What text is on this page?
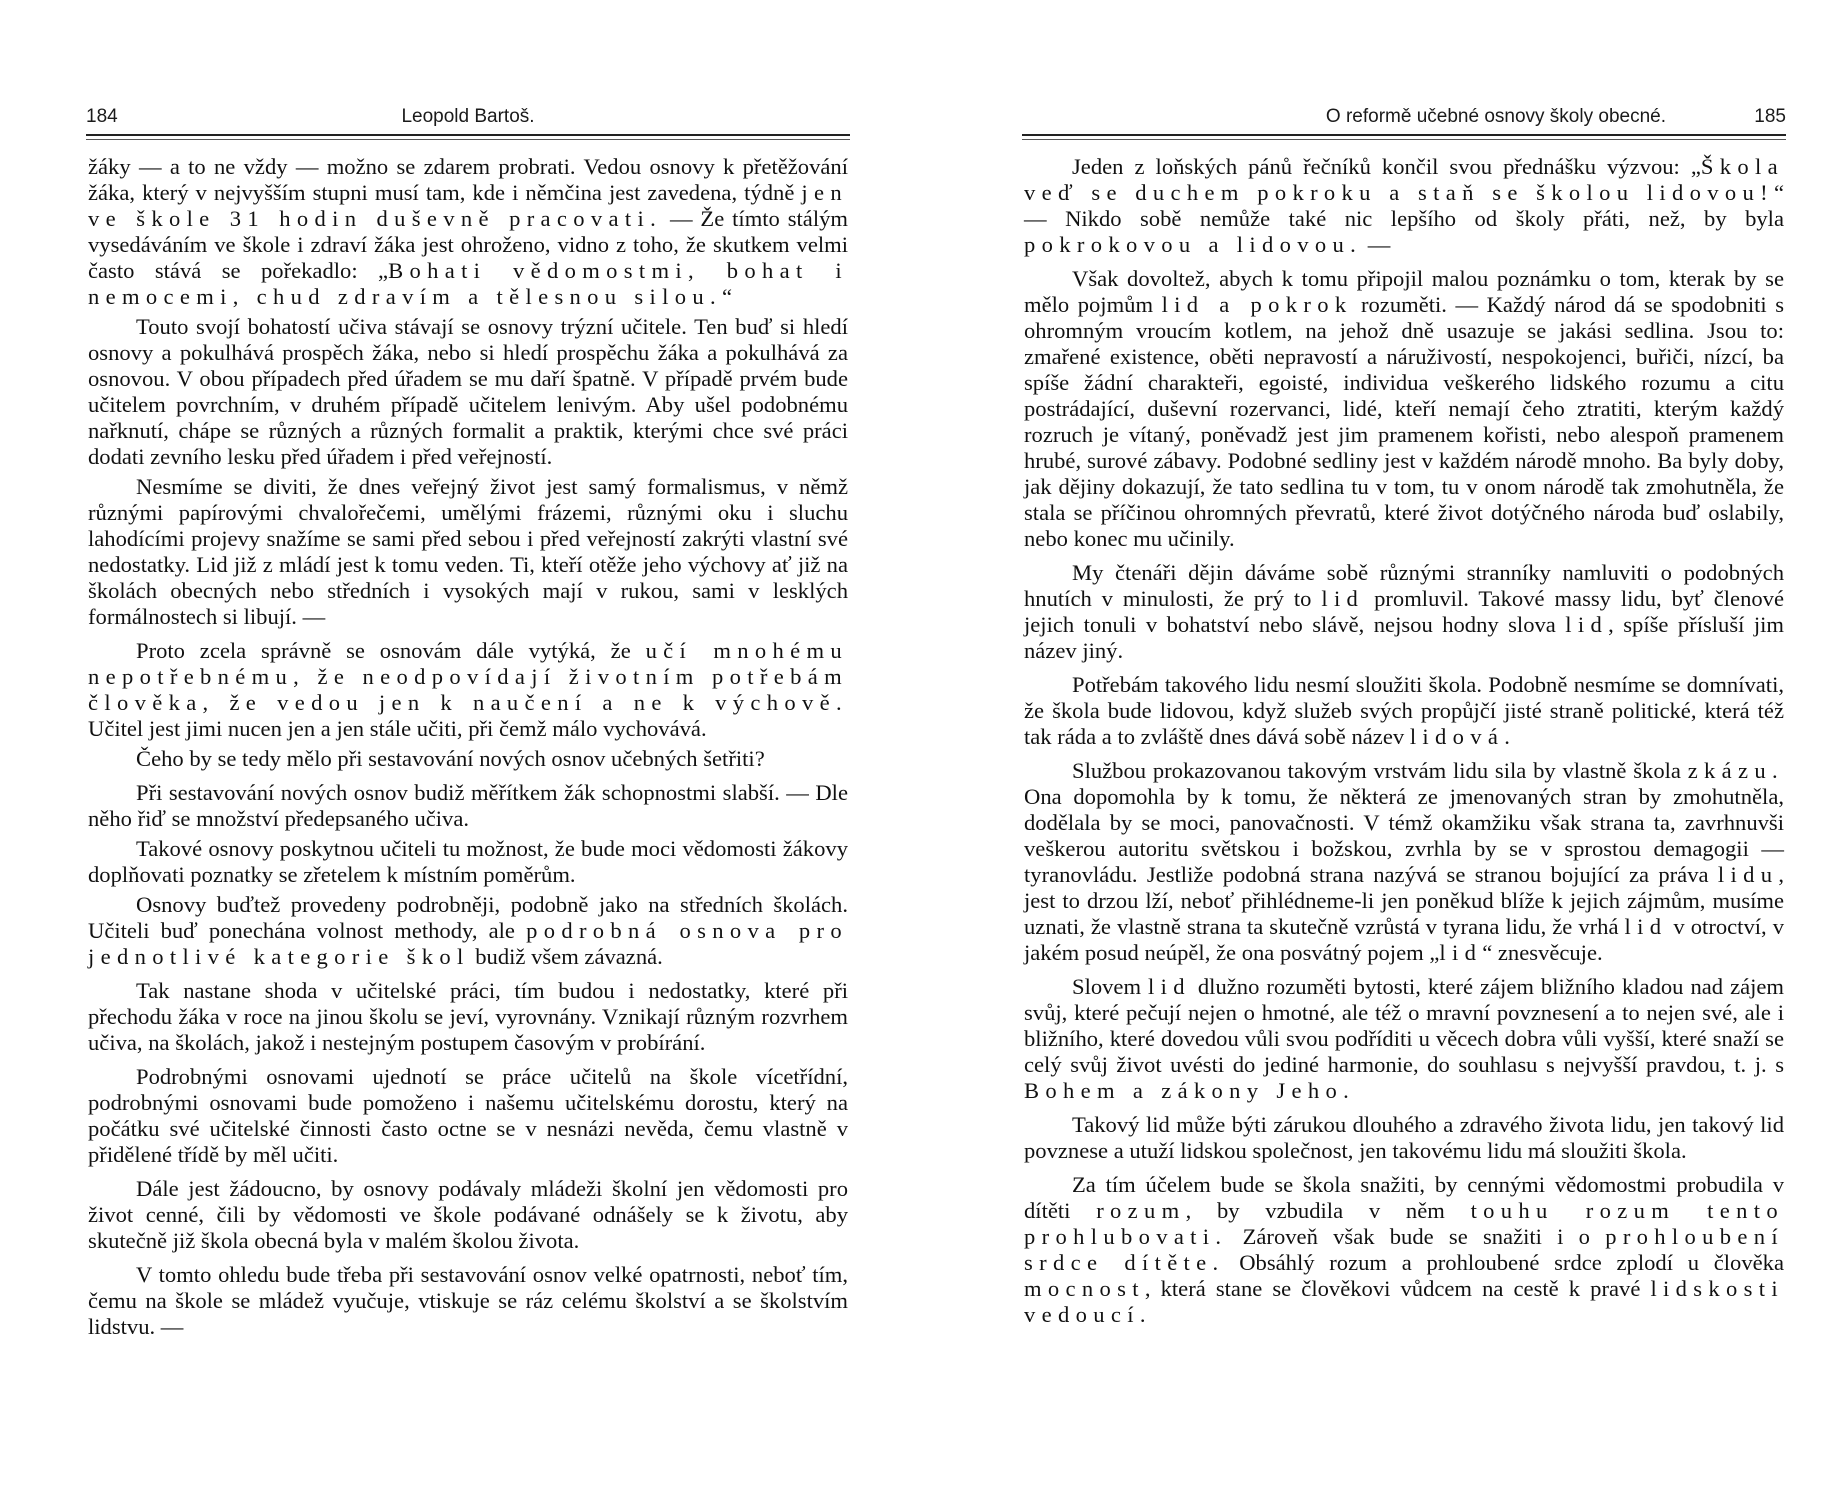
184	Leopold Bartoš.

žáky — a to ne vždy — možno se zdarem probrati. Vedou osnovy k přetěžování žáka, který v nejvyšším stupni musí tam, kde i němčina jest zavedena, týdně jen ve škole 31 hodin duševně pracovati. — Že tímto stálým vysedáváním ve škole i zdraví žáka jest ohroženo, vidno z toho, že skutkem velmi často stává se pořekadlo: „Bohati vědomostmi, bohat i nemocemi, chud zdravím a tělesnou silou.“

Touto svojí bohatostí učiva stávají se osnovy trýzní učitele. Ten buď si hledí osnovy a pokulhává prospěch žáka, nebo si hledí prospěchu žáka a pokulhává za osnovou. V obou případech před úřadem se mu daří špatně. V případě prvém bude učitelem povrchním, v druhém případě učitelem lenivým. Aby ušel podobnému nařknutí, chápe se různých a různých formalit a praktik, kterými chce své práci dodati zevního lesku před úřadem i před veřejností.

Nesmíme se diviti, že dnes veřejný život jest samý formalismus, v němž různými papírovými chvalořečemi, umělými frázemi, různými oku i sluchu lahodícími projevy snažíme se sami před sebou i před veřejností zakrýti vlastní své nedostatky. Lid již z mládí jest k tomu veden. Ti, kteří otěže jeho výchovy ať již na školách obecných nebo středních i vysokých mají v rukou, sami v lesklých formálnostech si libují. —

Proto zcela správně se osnovám dále vytýká, že učí mnohému nepotřebnému, že neodpovídají životním potřebám člověka, že vedou jen k naučení a ne k výchově. Učitel jest jimi nucen jen a jen stále učiti, při čemž málo vychovává.

Čeho by se tedy mělo při sestavování nových osnov učebných šetřiti?

Při sestavování nových osnov budiž měřítkem žák schopnostmi slabší. — Dle něho řiď se množství předepsaného učiva.

Takové osnovy poskytnou učiteli tu možnost, že bude moci vědomosti žákovy doplňovati poznatky se zřetelem k místním poměrům.

Osnovy buďtež provedeny podrobněji, podobně jako na středních školách. Učiteli buď ponechána volnost methody, ale podrobná osnova pro jednotlivé kategorie škol budiž všem závazná.

Tak nastane shoda v učitelské práci, tím budou i nedostatky, které při přechodu žáka v roce na jinou školu se jeví, vyrovnány. Vznikají různým rozvrhem učiva, na školách, jakož i nestejným postupem časovým v probírání.

Podrobnými osnovami ujednotí se práce učitelů na škole vícetřídní, podrobnými osnovami bude pomoženo i našemu učitelskému dorostu, který na počátku své učitelské činnosti často octne se v nesnázi nevěda, čemu vlastně v přidělené třídě by měl učiti.

Dále jest žádoucno, by osnovy podávaly mládeži školní jen vědomosti pro život cenné, čili by vědomosti ve škole podávané odnášely se k životu, aby skutečně již škola obecná byla v malém školou života.

V tomto ohledu bude třeba při sestavování osnov velké opatrnosti, neboť tím, čemu na škole se mládež vyučuje, vtiskuje se ráz celému školství a se školstvím lidstvu. —

O reformě učebné osnovy školy obecné.	185

Jeden z loňských pánů řečníků končil svou přednášku výzvou: „Škola veď se duchem pokroku a staň se školou lidovou!“ — Nikdo sobě nemůže také nic lepšího od školy přáti, než, by byla pokrokovou a lidovou. —

Však dovoltež, abych k tomu připojil malou poznámku o tom, kterak by se mělo pojmům lid a pokrok rozuměti. — Každý národ dá se spodobniti s ohromným vroucím kotlem, na jehož dně usazuje se jakási sedlina. Jsou to: zmařené existence, oběti nepravostí a náruživostí, nespokojenci, buřiči, nízcí, ba spíše žádní charakteři, egoisté, individua veškerého lidského rozumu a citu postrádající, duševní rozervanci, lidé, kteří nemají čeho ztratiti, kterým každý rozruch je vítaný, poněvadž jest jim pramenem kořisti, nebo alespoň pramenem hrubé, surové zábavy. Podobné sedliny jest v každém národě mnoho. Ba byly doby, jak dějiny dokazují, že tato sedlina tu v tom, tu v onom národě tak zmohutněla, že stala se příčinou ohromných převratů, které život dotýčného národa buď oslabily, nebo konec mu učinily.

My čtenáři dějin dáváme sobě různými stranníky namluviti o podobných hnutích v minulosti, že prý to lid promluvil. Takové massy lidu, byť členové jejich tonuli v bohatství nebo slávě, nejsou hodny slova lid, spíše přísluší jim název jiný.

Potřebám takového lidu nesmí sloužiti škola. Podobně nesmíme se domnívati, že škola bude lidovou, když služeb svých propůjčí jisté straně politické, která též tak ráda a to zvláště dnes dává sobě název lidová.

Službou prokazovanou takovým vrstvám lidu sila by vlastně škola zkázu. Ona dopomohla by k tomu, že některá ze jmenovaných stran by zmohutněla, dodělala by se moci, panovačnosti. V témž okamžiku však strana ta, zavrhnuvši veškerou autoritu světskou i božskou, zvrhla by se v sprostou demagogii — tyranovládu. Jestliže podobná strana nazývá se stranou bojující za práva lidu, jest to drzou lží, neboť přihlédneme-li jen poněkud blíže k jejich zájmům, musíme uznati, že vlastně strana ta skutečně vzrůstá v tyrana lidu, že vrhá lid v otroctví, v jakém posud neúpěl, že ona posvátný pojem „lid“ znesvěcuje.

Slovem lid dlužno rozuměti bytosti, které zájem bližního kladou nad zájem svůj, které pečují nejen o hmotné, ale též o mravní povznesení a to nejen své, ale i bližního, které dovedou vůli svou podříditi u věcech dobra vůli vyšší, které snaží se celý svůj život uvésti do jediné harmonie, do souhlasu s nejvyšší pravdou, t. j. s Bohem a zákony Jeho.

Takový lid může býti zárukou dlouhého a zdravého života lidu, jen takový lid povznese a utuží lidskou společnost, jen takovému lidu má sloužiti škola.

Za tím účelem bude se škola snažiti, by cennými vědomostmi probudila v dítěti rozum, by vzbudila v něm touhu rozum tento prohlubovati. Zároveň však bude se snažiti i o prohloubení srdce dítěte. Obsáhlý rozum a prohloubené srdce zplodí u člověka mocnost, která stane se člověkovi vůdcem na cestě k pravé lidskosti vedoucí.
